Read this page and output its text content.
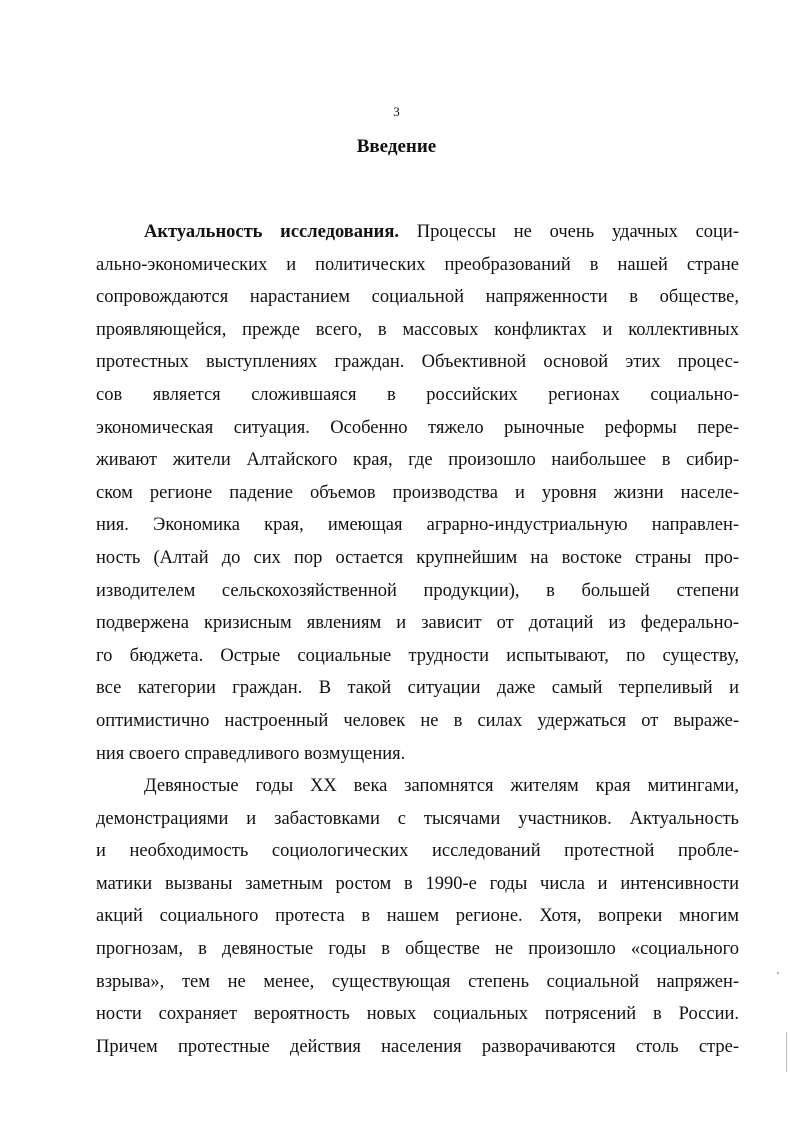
3
Введение
Актуальность исследования. Процессы не очень удачных соци-
ально-экономических и политических преобразований в нашей стране
сопровождаются нарастанием социальной напряженности в обществе,
проявляющейся, прежде всего, в массовых конфликтах и коллективных
протестных выступлениях граждан. Объективной основой этих процес-
сов является сложившаяся в российских регионах социально-
экономическая ситуация. Особенно тяжело рыночные реформы пере-
живают жители Алтайского края, где произошло наибольшее в сибир-
ском регионе падение объемов производства и уровня жизни населе-
ния. Экономика края, имеющая аграрно-индустриальную направлен-
ность (Алтай до сих пор остается крупнейшим на востоке страны про-
изводителем сельскохозяйственной продукции), в большей степени
подвержена кризисным явлениям и зависит от дотаций из федерально-
го бюджета. Острые социальные трудности испытывают, по существу,
все категории граждан. В такой ситуации даже самый терпеливый и
оптимистично настроенный человек не в силах удержаться от выраже-
ния своего справедливого возмущения.
Девяностые годы XX века запомнятся жителям края митингами,
демонстрациями и забастовками с тысячами участников. Актуальность
и необходимость социологических исследований протестной пробле-
матики вызваны заметным ростом в 1990-е годы числа и интенсивности
акций социального протеста в нашем регионе. Хотя, вопреки многим
прогнозам, в девяностые годы в обществе не произошло «социального
взрыва», тем не менее, существующая степень социальной напряжен-
ности сохраняет вероятность новых социальных потрясений в России.
Причем протестные действия населения разворачиваются столь стре-
